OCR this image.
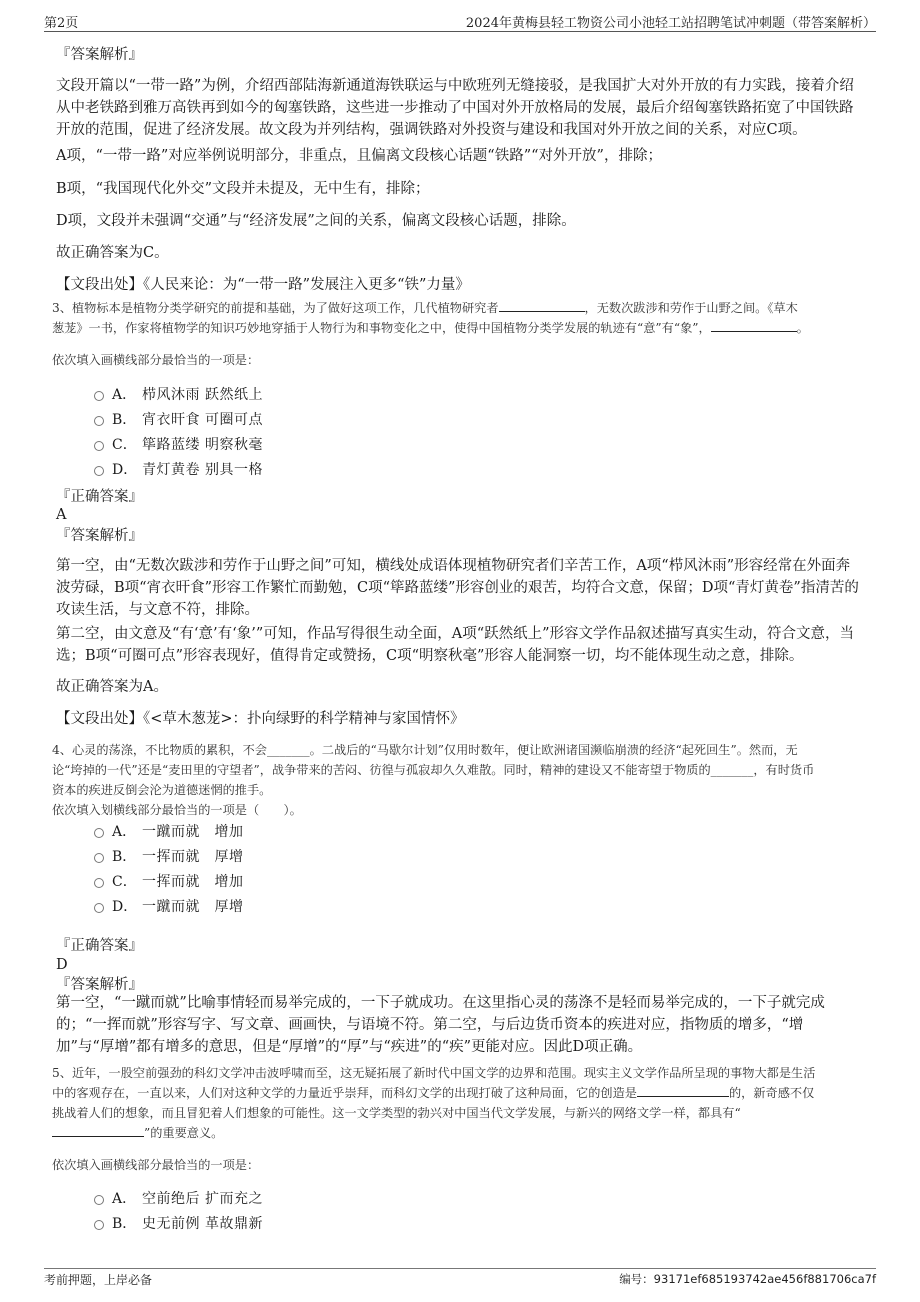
第2页	2024年黄梅县轻工物资公司小池轻工站招聘笔试冲刺题（带答案解析）
『答案解析』
文段开篇以“一带一路”为例，介绍西部陆海新通道海铁联运与中欧班列无缝接驳，是我国扩大对外开放的有力实践，接着介绍从中老铁路到雅万高铁再到如今的匈塞铁路，这些进一步推动了中国对外开放格局的发展，最后介绍匈塞铁路拓宽了中国铁路开放的范围，促进了经济发展。故文段为并列结构，强调铁路对外投资与建设和我国对外开放之间的关系，对应C项。
A项，“一带一路”对应举例说明部分，非重点，且偏离文段核心话题“铁路”“对外开放”，排除；
B项，“我国现代化外交”文段并未提及，无中生有，排除；
D项，文段并未强调“交通”与“经济发展”之间的关系，偏离文段核心话题，排除。
故正确答案为C。
【文段出处】《人民来论：为“一带一路”发展注入更多“铁”力量》
3、植物标本是植物分类学研究的前提和基础，为了做好这项工作，几代植物研究者	，无数次跋涉和劳作于山野之间。《草木
葱茏》一书，作家将植物学的知识巧妙地穿插于人物行为和事物变化之中，使得中国植物分类学发展的轨迹有“意”有“象”，	。
依次填入画横线部分最恰当的一项是：
A． 栉风沐雨 跃然纸上
B． 宵衣旰食 可圈可点
C． 筚路蓝缕 明察秋毫
D． 青灯黄卷 别具一格
『正确答案』
A
『答案解析』
第一空，由“无数次跋涉和劳作于山野之间”可知，横线处成语体现植物研究者们辛苦工作，A项“栉风沐雨”形容经常在外面奔波劳碌，B项“宵衣旰食”形容工作繁忙而勤勉，C项“筚路蓝缕”形容创业的艰苦，均符合文意，保留；D项“青灯黄卷”指清苦的攻读生活，与文意不符，排除。
第二空，由文意及“有‘意’有‘象’”可知，作品写得很生动全面，A项“跃然纸上”形容文学作品叙述描写真实生动，符合文意，当选；B项“可圈可点”形容表现好，值得肯定或赞扬，C项“明察秋毫”形容人能洞察一切，均不能体现生动之意，排除。
故正确答案为A。
【文段出处】《<草木葱茏>：扑向绿野的科学精神与家国情怀》
4、心灵的荡涤，不比物质的累积，不会_______。二战后的“马歇尔计划”仅用时数年，便让欧洲诸国濒临崩溃的经济“起死回生”。然而，无
论“垮掉的一代”还是“麦田里的守望者”，战争带来的苦闷、彷徨与孤寂却久久难散。同时，精神的建设又不能寄望于物质的_______，有时货币
资本的疾进反倒会沦为道德迷惘的推手。
依次填入划横线部分最恰当的一项是（　　）。
A． 一蹴而就　增加
B． 一挥而就　厚增
C． 一挥而就　增加
D． 一蹴而就　厚增
『正确答案』
D
『答案解析』
第一空，“一蹴而就”比喻事情轻而易举完成的，一下子就成功。在这里指心灵的荡涤不是轻而易举完成的，一下子就完成
的；“一挥而就”形容写字、写文章、画画快，与语境不符。第二空，与后边货币资本的疾进对应，指物质的增多，“增
加”与“厚增”都有增多的意思，但是“厚增”的“厚”与“疾进”的“疾”更能对应。因此D项正确。
5、近年，一股空前强劲的科幻文学冲击波呼啸而至，这无疑拓展了新时代中国文学的边界和范围。现实主义文学作品所呈现的事物大都是生活
中的客观存在，一直以来，人们对这种文学的力量近乎崇拜，而科幻文学的出现打破了这种局面，它的创造是	的，新奇感不仅
挑战着人们的想象，而且冒犯着人们想象的可能性。这一文学类型的勃兴对中国当代文学发展，与新兴的网络文学一样，都具有“
”的重要意义。
依次填入画横线部分最恰当的一项是：
A． 空前绝后 扩而充之
B． 史无前例 革故鼎新
考前押题，上岸必备	编号：93171ef685193742ae456f881706ca7f
